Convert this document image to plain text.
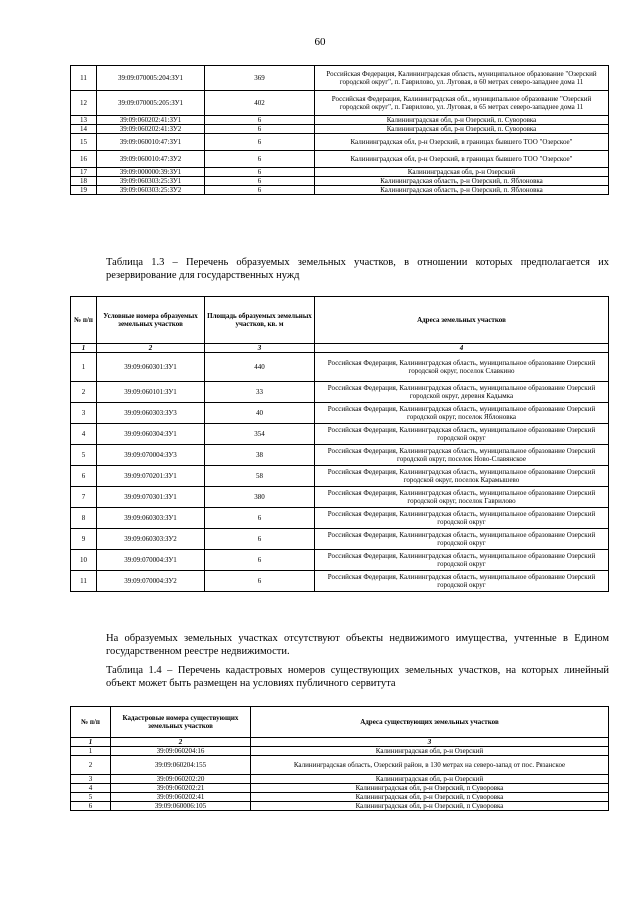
60
11	39:09:070005:204:ЗУ1	369	Российская Федерация, Калининградская область, муниципальное образование "Озерский городской округ", п. Гаврилово, ул. Луговая, в 60 метрах северо-западнее дома 11
12	39:09:070005:205:ЗУ1	402	Российская Федерация, Калининградская обл., муниципальное образование "Озерский городской округ", п. Гаврилово, ул. Луговая, в 65 метрах северо-западнее дома 11
13	39:09:060202:41:ЗУ1	6	Калининградская обл, р-н Озерский, п. Суворовка
14	39:09:060202:41:ЗУ2	6	Калининградская обл, р-н Озерский, п. Суворовка
15	39:09:060010:47:ЗУ1	6	Калининградская обл, р-н Озерский, в границах бывшего ТОО "Озерское"
16	39:09:060010:47:ЗУ2	6	Калининградская обл, р-н Озерский, в границах бывшего ТОО "Озерское"
17	39:09:000000:39:ЗУ1	6	Калининградская обл, р-н Озерский
18	39:09:060303:25:ЗУ1	6	Калининградская область, р-н Озерский, п. Яблоновка
19	39:09:060303:25:ЗУ2	6	Калининградская область, р-н Озерский, п. Яблоновка
Таблица 1.3 – Перечень образуемых земельных участков, в отношении которых предполагается их резервирование для государственных нужд
№ п/п	Условные номера образуемых земельных участков	Площадь образуемых земельных участков, кв. м	Адреса земельных участков
1	2	3	4
1	39:09:060301:ЗУ1	440	Российская Федерация, Калининградская область, муниципальное образование Озерский городской округ, поселок Славкино
2	39:09:060101:ЗУ1	33	Российская Федерация, Калининградская область, муниципальное образование Озерский городской округ, деревня Кадымка
3	39:09:060303:ЗУ3	40	Российская Федерация, Калининградская область, муниципальное образование Озерский городской округ, поселок Яблоновка
4	39:09:060304:ЗУ1	354	Российская Федерация, Калининградская область, муниципальное образование Озерский городской округ
5	39:09:070004:ЗУ3	38	Российская Федерация, Калининградская область, муниципальное образование Озерский городской округ, поселок Ново-Славянское
6	39:09:070201:ЗУ1	58	Российская Федерация, Калининградская область, муниципальное образование Озерский городской округ, поселок Карамышево
7	39:09:070301:ЗУ1	380	Российская Федерация, Калининградская область, муниципальное образование Озерский городской округ, поселок Гаврилово
8	39:09:060303:ЗУ1	6	Российская Федерация, Калининградская область, муниципальное образование Озерский городской округ
9	39:09:060303:ЗУ2	6	Российская Федерация, Калининградская область, муниципальное образование Озерский городской округ
10	39:09:070004:ЗУ1	6	Российская Федерация, Калининградская область, муниципальное образование Озерский городской округ
11	39:09:070004:ЗУ2	6	Российская Федерация, Калининградская область, муниципальное образование Озерский городской округ
На образуемых земельных участках отсутствуют объекты недвижимого имущества, учтенные в Едином государственном реестре недвижимости.
Таблица 1.4 – Перечень кадастровых номеров существующих земельных участков, на которых линейный объект может быть размещен на условиях публичного сервитута
№ п/п	Кадастровые номера существующих земельных участков	Адреса существующих земельных участков
1	2	3
1	39:09:060204:16	Калининградская обл, р-н Озерский
2	39:09:060204:155	Калининградская область, Озерский район, в 130 метрах на северо-запад от пос. Рязанское
3	39:09:060202:20	Калининградская обл, р-н Озерский
4	39:09:060202:21	Калининградская обл, р-н Озерский, п Суворовка
5	39:09:060202:41	Калининградская обл, р-н Озерский, п Суворовка
6	39:09:060006:105	Калининградская обл, р-н Озерский, п Суворовка
